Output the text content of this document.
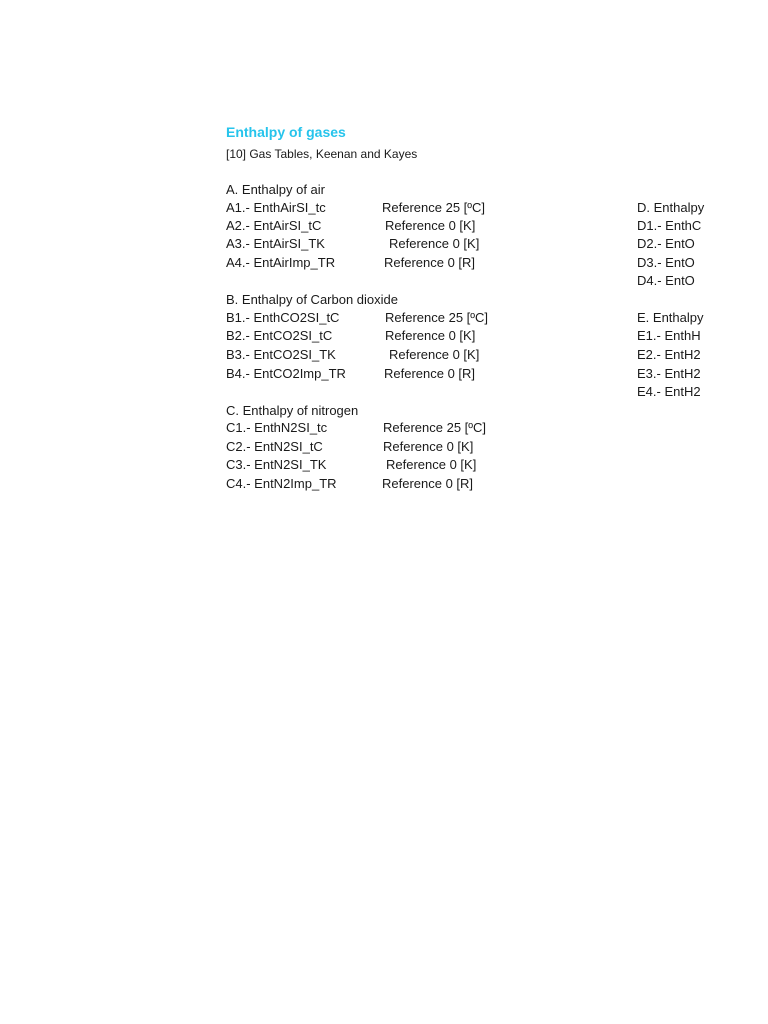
Enthalpy of gases
[10] Gas Tables, Keenan and Kayes
A. Enthalpy of air
A1.- EnthAirSI_tc	Reference 25 [ºC]
A2.- EntAirSI_tC	Reference 0 [K]
A3.- EntAirSI_TK	Reference 0 [K]
A4.- EntAirImp_TR	Reference 0 [R]
B. Enthalpy of Carbon dioxide
B1.- EnthCO2SI_tC	Reference 25 [ºC]
B2.- EntCO2SI_tC	Reference 0 [K]
B3.- EntCO2SI_TK	Reference 0 [K]
B4.- EntCO2Imp_TR	Reference 0 [R]
C. Enthalpy of nitrogen
C1.- EnthN2SI_tc	Reference 25 [ºC]
C2.- EntN2SI_tC	Reference 0 [K]
C3.- EntN2SI_TK	Reference 0 [K]
C4.- EntN2Imp_TR	Reference 0 [R]
D. Enthalpy
D1.- EnthC
D2.- EntO
D3.- EntO
D4.- EntO
E. Enthalpy
E1.- EnthH
E2.- EntH2
E3.- EntH2
E4.- EntH2
